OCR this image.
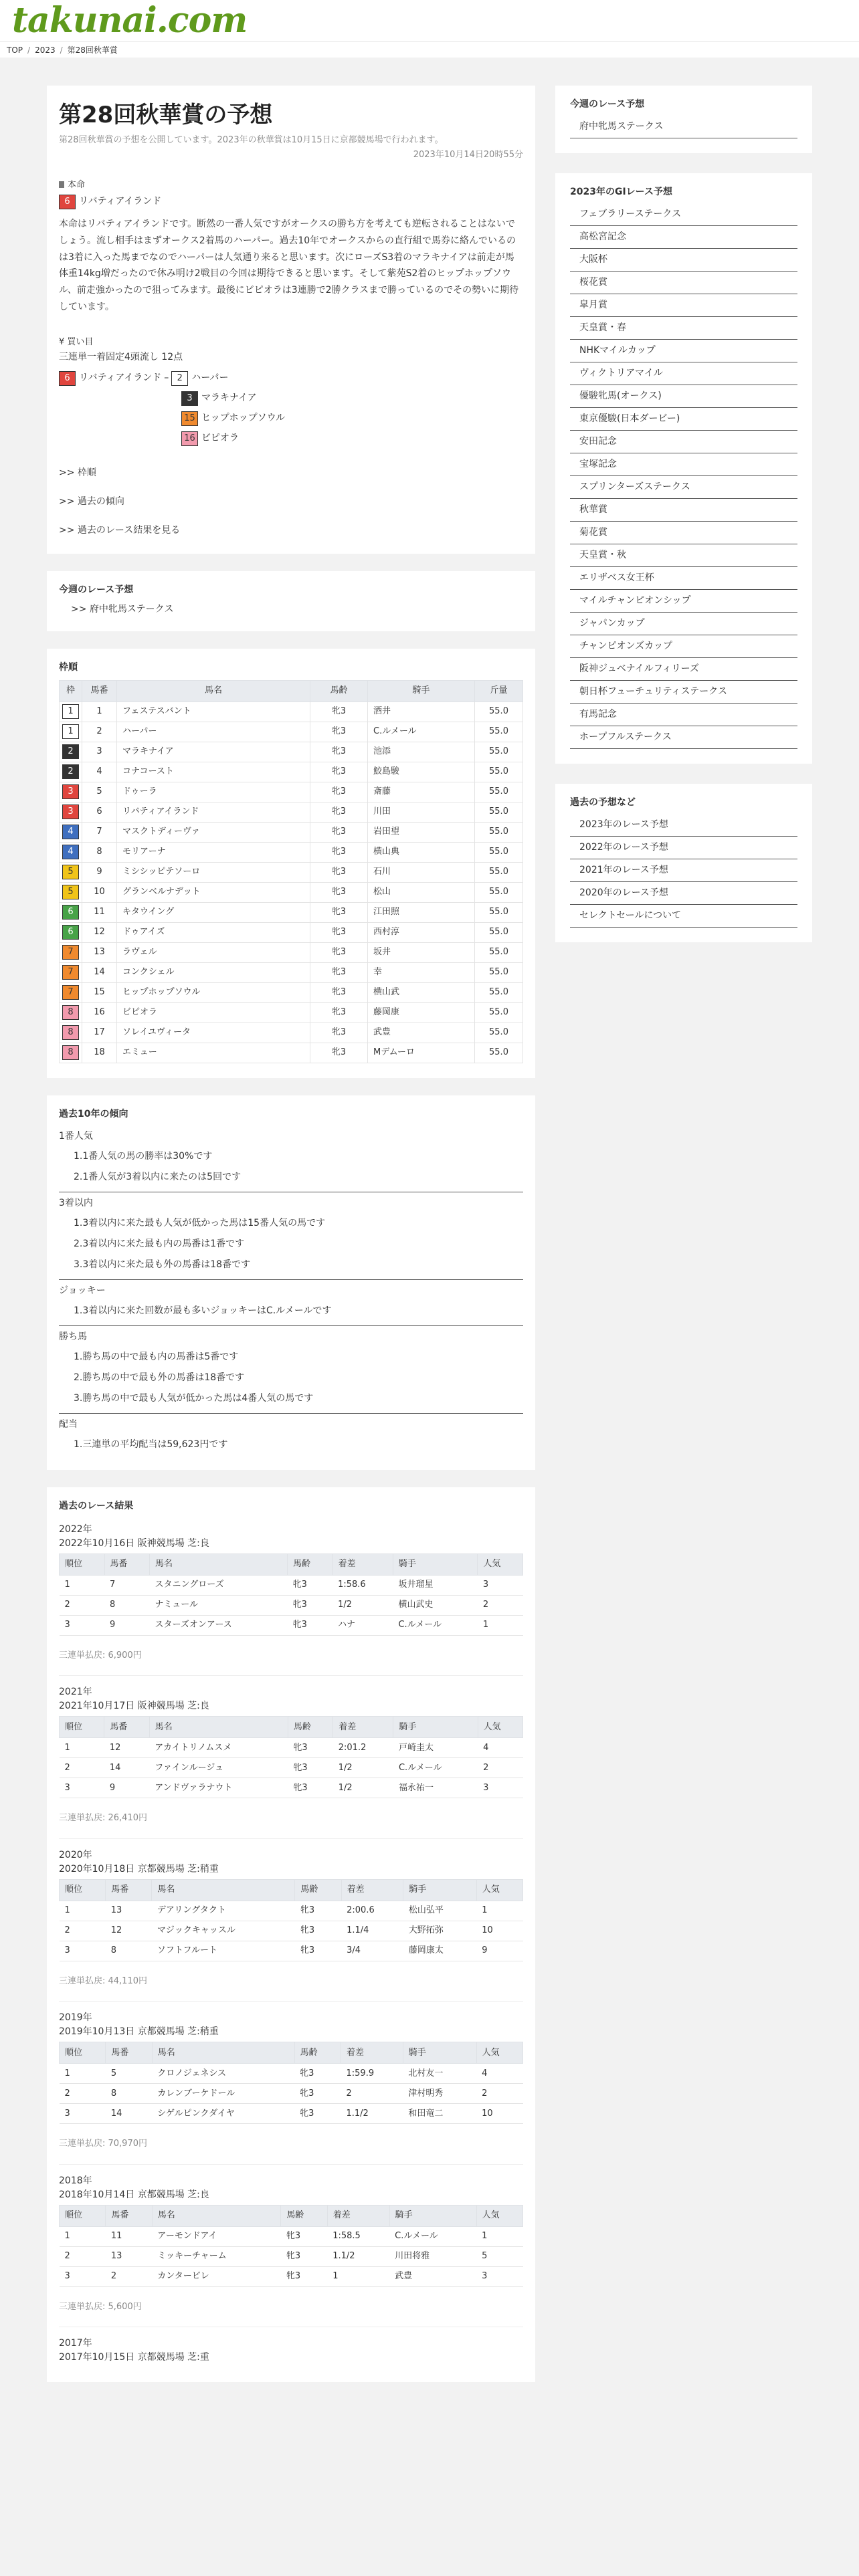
takunai.com
TOP / 2023 / 第28回秋華賞
第28回秋華賞の予想
第28回秋華賞の予想を公開しています。2023年の秋華賞は10月15日に京都競馬場で行われます。
2023年10月14日20時55分
本命
6 リバティアイランド
本命はリバティアイランドです。断然の一番人気ですがオークスの勝ち方を考えても逆転されることはないでしょう。流し相手はまずオークス2着馬のハーパー。過去10年でオークスからの直行組で馬券に絡んでいるのは3着に入った馬までなのでハーパーは人気通り来ると思います。次にローズS3着のマラキナイアは前走が馬体重14kg増だったので休み明け2戦目の今回は期待できると思います。そして紫苑S2着のヒップホップソウル、前走強かったので狙ってみます。最後にビピオラは3連勝で2勝クラスまで勝っているのでその勢いに期待しています。
¥ 買い目
三連単一着固定4頭流し 12点
6 リバティアイランド – 2 ハーパー
3 マラキナイア
15 ヒップホップソウル
16 ビピオラ
>> 枠順
>> 過去の傾向
>> 過去のレース結果を見る
今週のレース予想
>> 府中牝馬ステークス
枠順
枠	馬番	馬名	馬齢	騎手	斤量
1	1	フェステスバント	牝3	酒井	55.0
1	2	ハーパー	牝3	C.ルメール	55.0
2	3	マラキナイア	牝3	池添	55.0
2	4	コナコースト	牝3	鮫島駿	55.0
3	5	ドゥーラ	牝3	斎藤	55.0
3	6	リバティアイランド	牝3	川田	55.0
4	7	マスクトディーヴァ	牝3	岩田望	55.0
4	8	モリアーナ	牝3	横山典	55.0
5	9	ミシシッピテソーロ	牝3	石川	55.0
5	10	グランベルナデット	牝3	松山	55.0
6	11	キタウイング	牝3	江田照	55.0
6	12	ドゥアイズ	牝3	西村淳	55.0
7	13	ラヴェル	牝3	坂井	55.0
7	14	コンクシェル	牝3	幸	55.0
7	15	ヒップホップソウル	牝3	横山武	55.0
8	16	ビピオラ	牝3	藤岡康	55.0
8	17	ソレイユヴィータ	牝3	武豊	55.0
8	18	エミュー	牝3	Mデムーロ	55.0
過去10年の傾向
1番人気
1.1番人気の馬の勝率は30%です
2.1番人気が3着以内に来たのは5回です
3着以内
1.3着以内に来た最も人気が低かった馬は15番人気の馬です
2.3着以内に来た最も内の馬番は1番です
3.3着以内に来た最も外の馬番は18番です
ジョッキー
1.3着以内に来た回数が最も多いジョッキーはC.ルメールです
勝ち馬
1.勝ち馬の中で最も内の馬番は5番です
2.勝ち馬の中で最も外の馬番は18番です
3.勝ち馬の中で最も人気が低かった馬は4番人気の馬です
配当
1.三連単の平均配当は59,623円です
過去のレース結果
2022年
2022年10月16日 阪神競馬場 芝:良
順位	馬番	馬名	馬齢	着差	騎手	人気
1	7	スタニングローズ	牝3	1:58.6	坂井瑠星	3
2	8	ナミュール	牝3	1/2	横山武史	2
3	9	スターズオンアース	牝3	ハナ	C.ルメール	1
三連単払戻: 6,900円
2021年
2021年10月17日 阪神競馬場 芝:良
順位	馬番	馬名	馬齢	着差	騎手	人気
1	12	アカイトリノムスメ	牝3	2:01.2	戸崎圭太	4
2	14	ファインルージュ	牝3	1/2	C.ルメール	2
3	9	アンドヴァラナウト	牝3	1/2	福永祐一	3
三連単払戻: 26,410円
2020年
2020年10月18日 京都競馬場 芝:稍重
順位	馬番	馬名	馬齢	着差	騎手	人気
1	13	デアリングタクト	牝3	2:00.6	松山弘平	1
2	12	マジックキャッスル	牝3	1.1/4	大野拓弥	10
3	8	ソフトフルート	牝3	3/4	藤岡康太	9
三連単払戻: 44,110円
2019年
2019年10月13日 京都競馬場 芝:稍重
順位	馬番	馬名	馬齢	着差	騎手	人気
1	5	クロノジェネシス	牝3	1:59.9	北村友一	4
2	8	カレンブーケドール	牝3	2	津村明秀	2
3	14	シゲルピンクダイヤ	牝3	1.1/2	和田竜二	10
三連単払戻: 70,970円
2018年
2018年10月14日 京都競馬場 芝:良
順位	馬番	馬名	馬齢	着差	騎手	人気
1	11	アーモンドアイ	牝3	1:58.5	C.ルメール	1
2	13	ミッキーチャーム	牝3	1.1/2	川田将雅	5
3	2	カンタービレ	牝3	1	武豊	3
三連単払戻: 5,600円
2017年
2017年10月15日 京都競馬場 芝:重
今週のレース予想
府中牝馬ステークス
2023年のGⅠレース予想
フェブラリーステークス
高松宮記念
大阪杯
桜花賞
皐月賞
天皇賞・春
NHKマイルカップ
ヴィクトリアマイル
優駿牝馬(オークス)
東京優駿(日本ダービー)
安田記念
宝塚記念
スプリンターズステークス
秋華賞
菊花賞
天皇賞・秋
エリザベス女王杯
マイルチャンピオンシップ
ジャパンカップ
チャンピオンズカップ
阪神ジュベナイルフィリーズ
朝日杯フューチュリティステークス
有馬記念
ホープフルステークス
過去の予想など
2023年のレース予想
2022年のレース予想
2021年のレース予想
2020年のレース予想
セレクトセールについて
